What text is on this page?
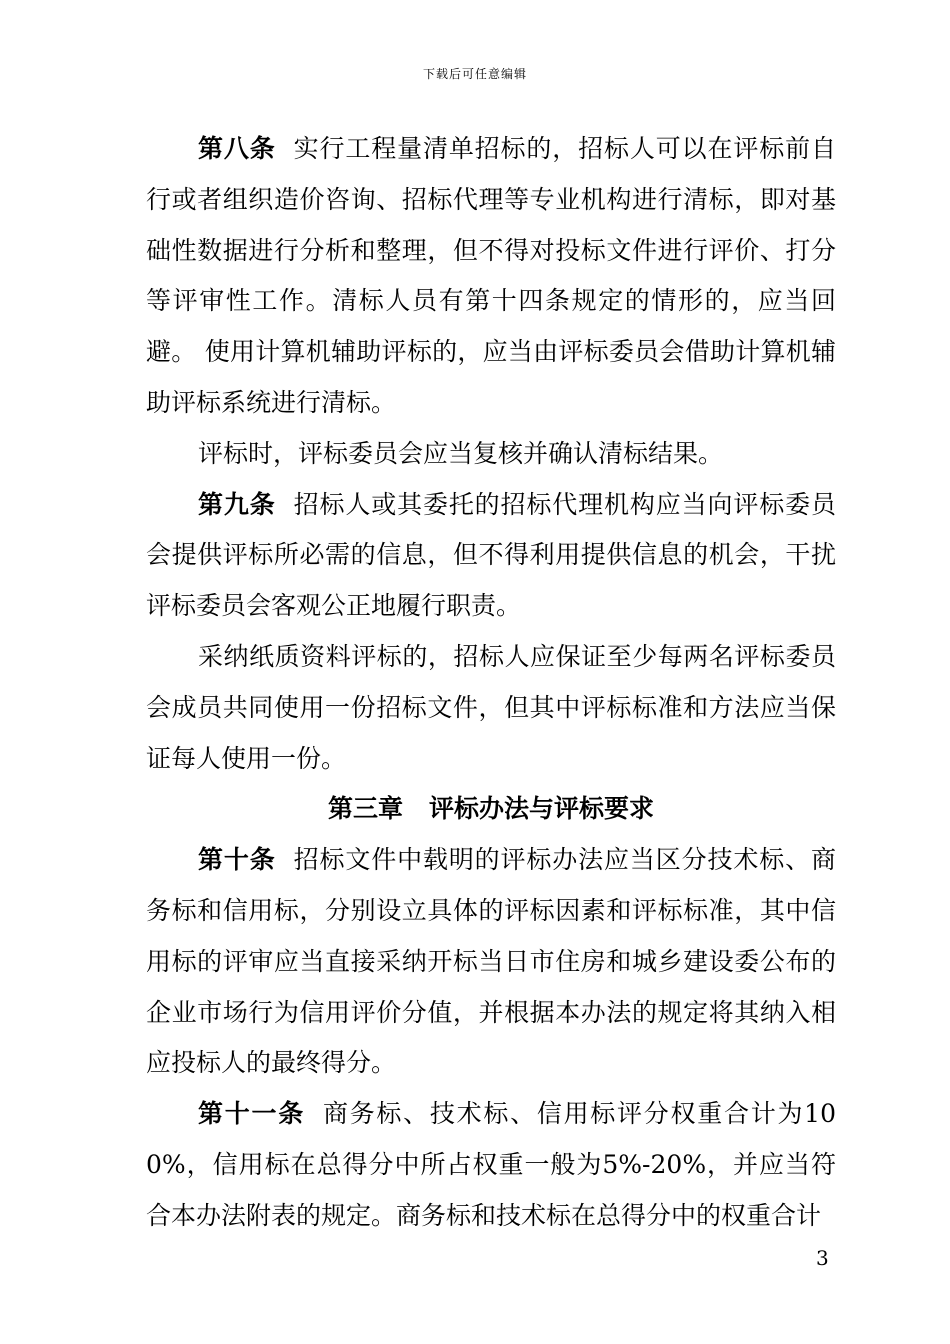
下载后可任意编辑

第八条 实行工程量清单招标的，招标人可以在评标前自行或者组织造价咨询、招标代理等专业机构进行清标，即对基础性数据进行分析和整理，但不得对投标文件进行评价、打分等评审性工作。清标人员有第十四条规定的情形的，应当回避。 使用计算机辅助评标的，应当由评标委员会借助计算机辅助评标系统进行清标。

评标时，评标委员会应当复核并确认清标结果。

第九条 招标人或其委托的招标代理机构应当向评标委员会提供评标所必需的信息，但不得利用提供信息的机会，干扰评标委员会客观公正地履行职责。

采纳纸质资料评标的，招标人应保证至少每两名评标委员会成员共同使用一份招标文件，但其中评标标准和方法应当保证每人使用一份。

第三章 评标办法与评标要求

第十条 招标文件中载明的评标办法应当区分技术标、商务标和信用标，分别设立具体的评标因素和评标标准，其中信用标的评审应当直接采纳开标当日市住房和城乡建设委公布的企业市场行为信用评价分值，并根据本办法的规定将其纳入相应投标人的最终得分。

第十一条 商务标、技术标、信用标评分权重合计为100%，信用标在总得分中所占权重一般为5%-20%，并应当符合本办法附表的规定。商务标和技术标在总得分中的权重合计

3
